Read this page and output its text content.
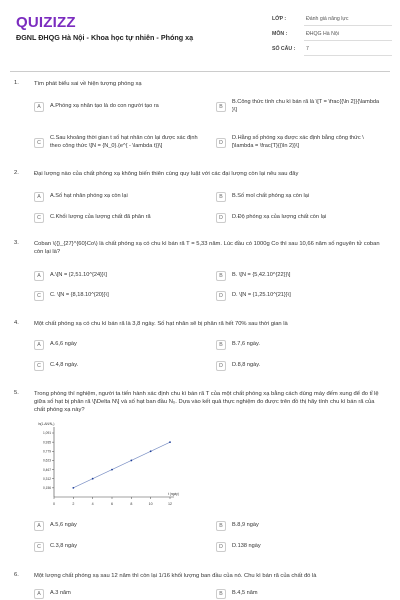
QUIZIZZ
ĐGNL ĐHQG Hà Nội - Khoa học tự nhiên - Phóng xạ
LỚP :	Đánh giá năng lực
MÔN :	ĐHQG Hà Nội
SỐ CÂU : 7
1.	Tìm phát biểu sai về hiện tượng phóng xạ
A	A.Phóng xạ nhân tạo là do con người tạo ra	B
B.Công thức tính chu kì bán rã là \[T = \frac{{\ln 2}}{\lambda }\]
C
C.Sau khoảng thời gian t số hạt nhân còn lại được xác định theo công thức \[N = {N_0}.{e^{ - \lambda t}}\]	D
D.Hằng số phóng xạ được xác định bằng công thức \[\lambda = \frac{T}{{\ln 2}}\]
2.	Đại lượng nào của chất phóng xạ không biến thiên cùng quy luật với các đại lượng còn lại nêu sau đây
A	A.Số hạt nhân phóng xạ còn lại	B	B.Số mol chất phóng xạ còn lại
C	C.Khối lượng của lượng chất đã phân rã	D	D.Độ phóng xạ của lượng chất còn lại
3.	Coban \({}_{27}^{60}Co\) là chất phóng xạ có chu kì bán rã T = 5,33 năm. Lúc đầu có 1000g Co thì sau 10,66 năm số nguyên tử coban còn lại là?
A	A.\[N = {2,51.10^{24}}\]	B	B. \[N = {5,42.10^{22}}\]
C	C. \[N = {8,18.10^{20}}\]	D	D. \[N = {1,25.10^{21}}\]
4.	Một chất phóng xạ có chu kì bán rã là 3,8 ngày. Số hạt nhân sẽ bị phân rã hết 70% sau thời gian là
A	A.6,6 ngày	B	B.7,6 ngày.
C	C.4,8 ngày.	D	D.8,8 ngày.
5.	Trong phòng thí nghiệm, người ta tiến hành xác định chu kì bán rã T của một chất phóng xạ bằng cách dùng máy đếm xung để đo tỉ lệ giữa số hạt bị phân rã \[\Delta N\] và số hạt ban đầu N₀. Dựa vào kết quả thực nghiệm đo được trên đồ thị hãy tính chu kì bán rã của chất phóng xạ này?
0	2	4	6	8	10	12
0,156
0,312
0,467
0,623
0,779
0,935
1,091
ln(1-ΔN/N₀)
t (ngày)
A	A.5,6 ngày	B	B.8,9 ngày
C	C.3,8 ngày	D	D.138 ngày
6.	Một lượng chất phóng xạ sau 12 năm thì còn lại 1/16 khối lượng ban đầu của nó. Chu kì bán rã của chất đó là
A	A.3 năm	B	B.4,5 năm
